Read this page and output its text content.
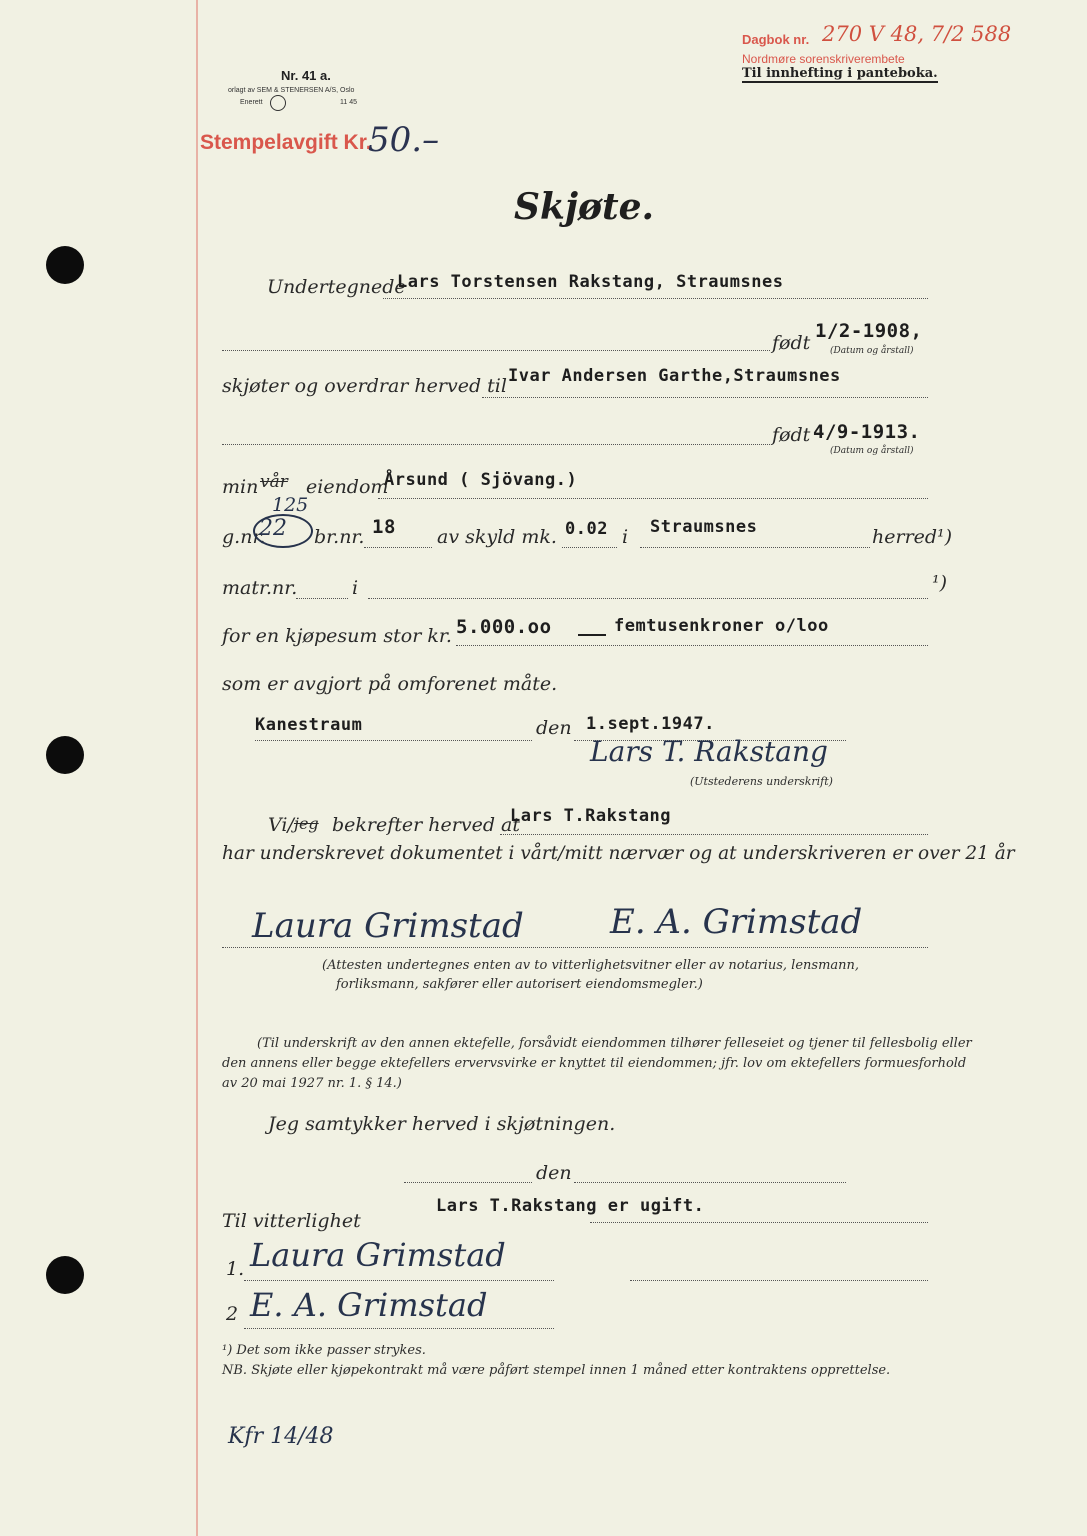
Nr. 41 a.
orlagt av SEM & STENERSEN A/S, Oslo
Enerett	11 45
Stempelavgift Kr.
50.–
Dagbok nr. 270 V 48, 7/2 588
Nordmøre sorenskriverembete
Til innhefting i panteboka.
Skjøte.
Undertegnede
Lars Torstensen Rakstang, Straumsnes
født
1/2-1908,
(Datum og årstall)
skjøter og overdrar herved til Ivar Andersen Garthe,Straumsnes
født 4/9-1913.
(Datum og årstall)
min vår eiendom
Årsund ( Sjövang.)
125
g.nr.
22 br.nr. 18 av skyld mk. 0.02 i Straumsnes	herred¹)
matr.nr.	i	¹)
for en kjøpesum stor kr. 5.000.oo	femtusenkroner o/loo
som er avgjort på omforenet måte.
Kanestraum	den 1.sept.1947.
Lars T. Rakstang
(Utstederens underskrift)
Vi/ jeg bekrefter herved at
Lars T.Rakstang
har underskrevet dokumentet i vårt/mitt nærvær og at underskriveren er over 21 år
Laura Grimstad	E. A. Grimstad
(Attesten undertegnes enten av to vitterlighetsvitner eller av notarius, lensmann,
forliksmann, sakfører eller autorisert eiendomsmegler.)
(Til underskrift av den annen ektefelle, forsåvidt eiendommen tilhører felleseiet og tjener til fellesbolig eller
den annens eller begge ektefellers ervervsvirke er knyttet til eiendommen; jfr. lov om ektefellers formuesforhold
av 20 mai 1927 nr. 1. § 14.)
Jeg samtykker herved i skjøtningen.
den
Lars T.Rakstang er ugift.
Til vitterlighet
1. Laura Grimstad
2 E. A. Grimstad
¹) Det som ikke passer strykes.
NB. Skjøte eller kjøpekontrakt må være påført stempel innen 1 måned etter kontraktens opprettelse.
Kfr 14/48
